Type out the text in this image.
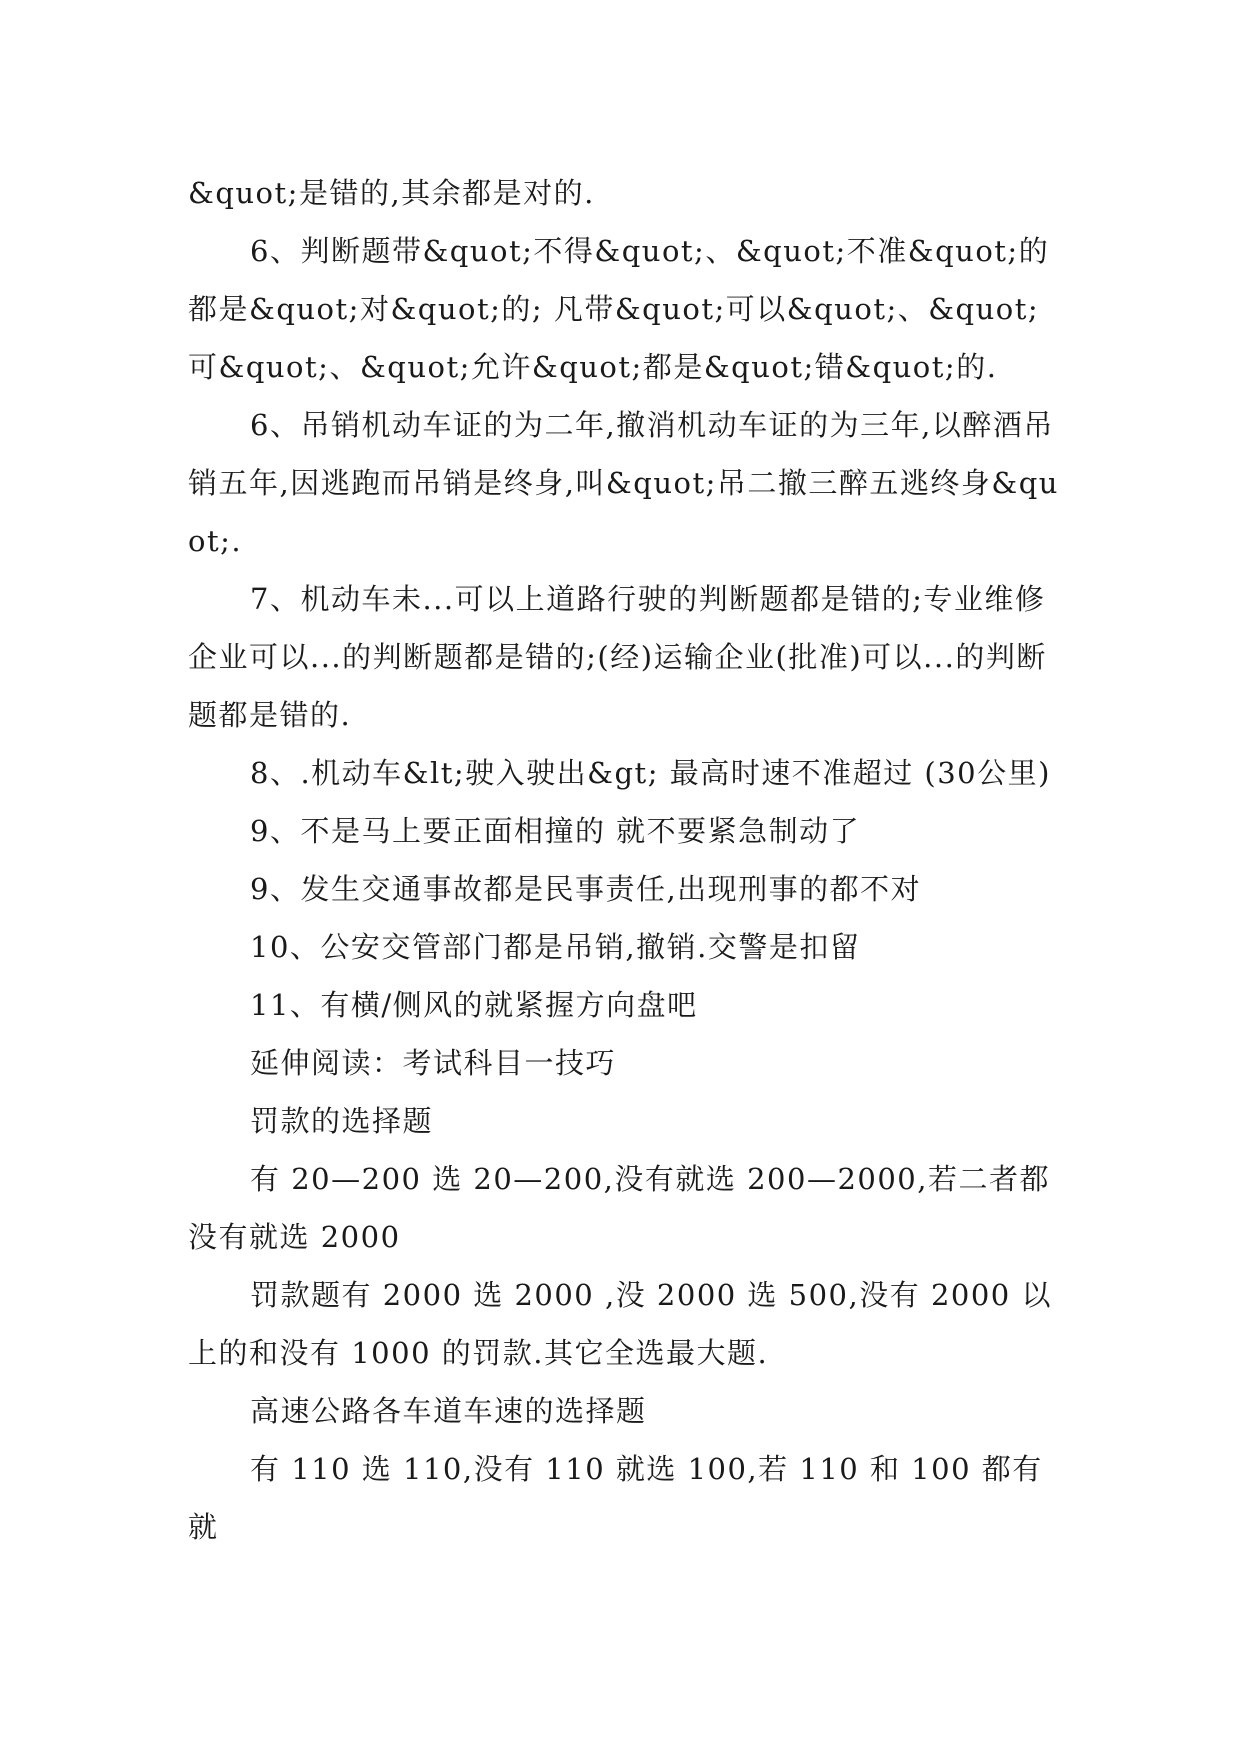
&quot;是错的,其余都是对的.

6、判断题带&quot;不得&quot;、&quot;不准&quot;的都是&quot;对&quot;的; 凡带&quot;可以&quot;、&quot;可&quot;、&quot;允许&quot;都是&quot;错&quot;的.

6、吊销机动车证的为二年,撤消机动车证的为三年,以醉酒吊销五年,因逃跑而吊销是终身,叫&quot;吊二撤三醉五逃终身&quot;.

7、机动车未...可以上道路行驶的判断题都是错的;专业维修企业可以...的判断题都是错的;(经)运输企业(批准)可以...的判断题都是错的.

8、.机动车&lt;驶入驶出&gt; 最高时速不准超过 (30公里)

9、不是马上要正面相撞的 就不要紧急制动了

9、发生交通事故都是民事责任,出现刑事的都不对

10、公安交管部门都是吊销,撤销.交警是扣留

11、有横/侧风的就紧握方向盘吧

延伸阅读：考试科目一技巧

罚款的选择题

有 20—200 选 20—200,没有就选 200—2000,若二者都没有就选 2000

罚款题有 2000 选 2000 ,没 2000 选 500,没有 2000 以上的和没有 1000 的罚款.其它全选最大题.

高速公路各车道车速的选择题

有 110 选 110,没有 110 就选 100,若 110 和 100 都有就
